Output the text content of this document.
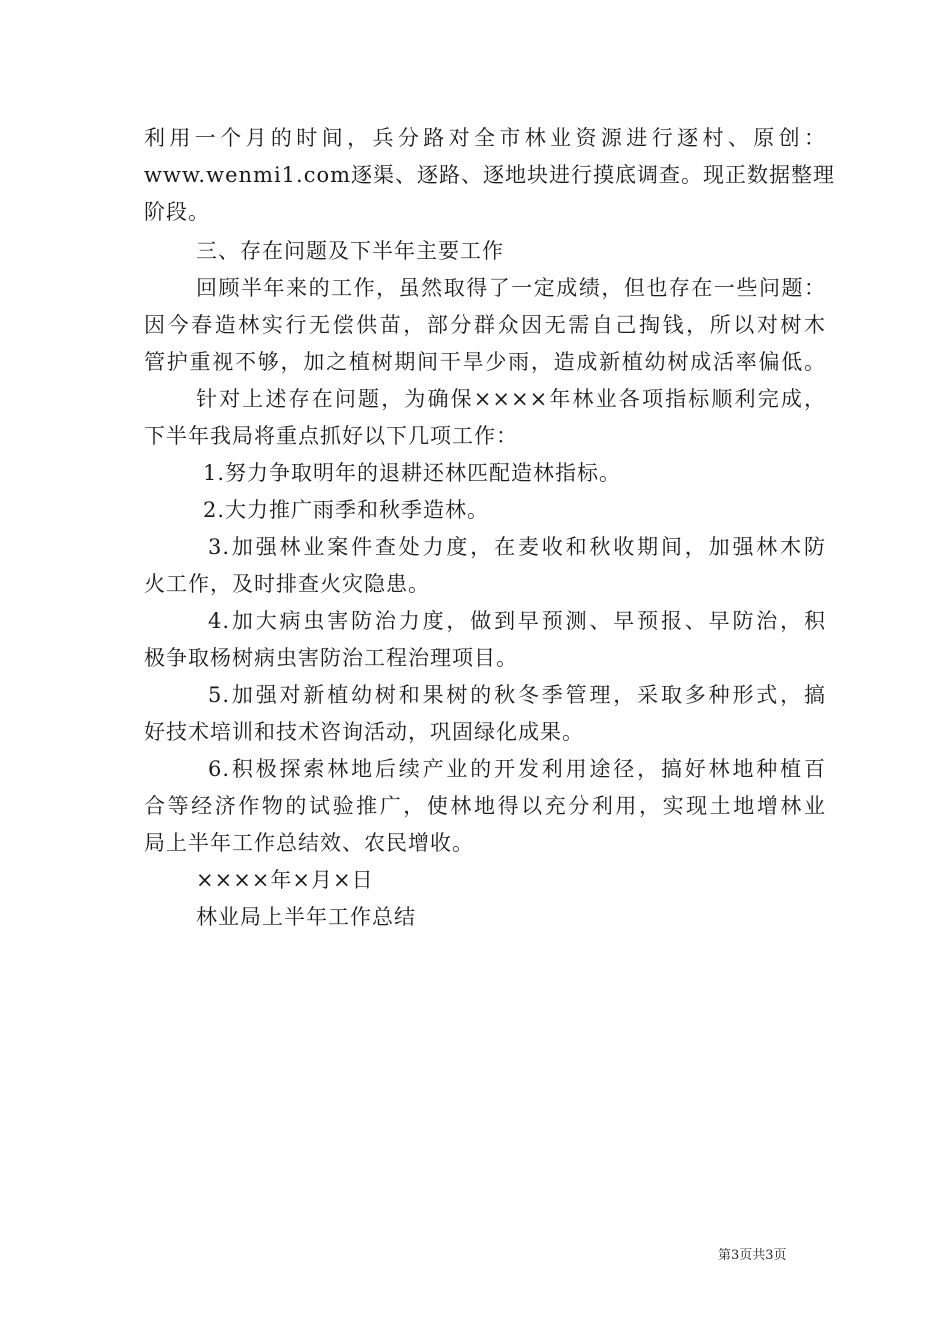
利用一个月的时间，兵分路对全市林业资源进行逐村、原创：
www.wenmi1.com逐渠、逐路、逐地块进行摸底调查。现正数据整理
阶段。
三、存在问题及下半年主要工作
回顾半年来的工作，虽然取得了一定成绩，但也存在一些问题：
因今春造林实行无偿供苗，部分群众因无需自己掏钱，所以对树木
管护重视不够，加之植树期间干旱少雨，造成新植幼树成活率偏低。
针对上述存在问题，为确保××××年林业各项指标顺利完成，
下半年我局将重点抓好以下几项工作：
1.努力争取明年的退耕还林匹配造林指标。
2.大力推广雨季和秋季造林。
3.加强林业案件查处力度，在麦收和秋收期间，加强林木防
火工作，及时排查火灾隐患。
4.加大病虫害防治力度，做到早预测、早预报、早防治，积
极争取杨树病虫害防治工程治理项目。
5.加强对新植幼树和果树的秋冬季管理，采取多种形式，搞
好技术培训和技术咨询活动，巩固绿化成果。
6.积极探索林地后续产业的开发利用途径，搞好林地种植百
合等经济作物的试验推广，使林地得以充分利用，实现土地增林业
局上半年工作总结效、农民增收。
××××年×月×日
林业局上半年工作总结
第3页共3页
